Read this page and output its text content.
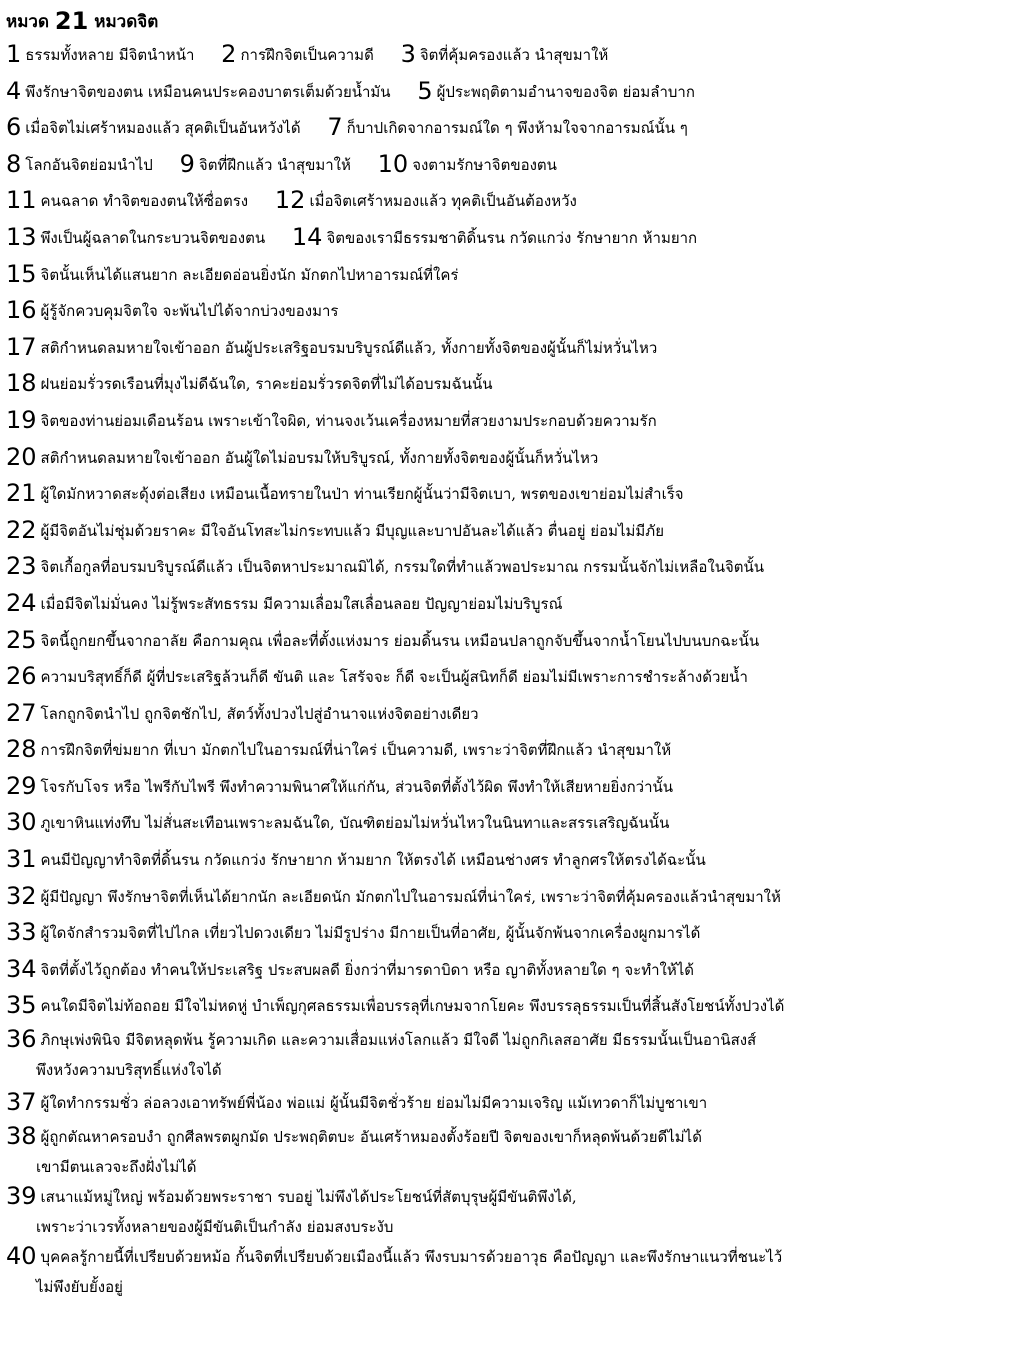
หมวด 21 หมวดจิต
1 ธรรมทั้งหลาย มีจิตนำหน้า 2 การฝึกจิตเป็นความดี 3 จิตที่คุ้มครองแล้ว นำสุขมาให้
4 พึงรักษาจิตของตน เหมือนคนประคองบาตรเต็มด้วยน้ำมัน 5 ผู้ประพฤติตามอำนาจของจิต ย่อมลำบาก
6 เมื่อจิตไม่เศร้าหมองแล้ว สุคติเป็นอันหวังได้ 7 ก็บาปเกิดจากอารมณ์ใด ๆ พึงห้ามใจจากอารมณ์นั้น ๆ
8 โลกอันจิตย่อมนำไป 9 จิตที่ฝึกแล้ว นำสุขมาให้ 10 จงตามรักษาจิตของตน
11 คนฉลาด ทำจิตของตนให้ซื่อตรง 12 เมื่อจิตเศร้าหมองแล้ว ทุคติเป็นอันต้องหวัง
13 พึงเป็นผู้ฉลาดในกระบวนจิตของตน 14 จิตของเรามีธรรมชาติดิ้นรน กวัดแกว่ง รักษายาก ห้ามยาก
15 จิตนั้นเห็นได้แสนยาก ละเอียดอ่อนยิ่งนัก มักตกไปหาอารมณ์ที่ใคร่
16 ผู้รู้จักควบคุมจิตใจ จะพ้นไปได้จากบ่วงของมาร
17 สติกำหนดลมหายใจเข้าออก อันผู้ประเสริฐอบรมบริบูรณ์ดีแล้ว, ทั้งกายทั้งจิตของผู้นั้นก็ไม่หวั่นไหว
18 ฝนย่อมรั่วรดเรือนที่มุงไม่ดีฉันใด, ราคะย่อมรั่วรดจิตที่ไม่ได้อบรมฉันนั้น
19 จิตของท่านย่อมเดือนร้อน เพราะเข้าใจผิด, ท่านจงเว้นเครื่องหมายที่สวยงามประกอบด้วยความรัก
20 สติกำหนดลมหายใจเข้าออก อันผู้ใดไม่อบรมให้บริบูรณ์, ทั้งกายทั้งจิตของผู้นั้นก็หวั่นไหว
21 ผู้ใดมักหวาดสะดุ้งต่อเสียง เหมือนเนื้อทรายในป่า ท่านเรียกผู้นั้นว่ามีจิตเบา, พรตของเขาย่อมไม่สำเร็จ
22 ผู้มีจิตอันไม่ชุ่มด้วยราคะ มีใจอันโทสะไม่กระทบแล้ว มีบุญและบาปอันละได้แล้ว ตื่นอยู่ ย่อมไม่มีภัย
23 จิตเกื้อกูลที่อบรมบริบูรณ์ดีแล้ว เป็นจิตหาประมาณมิได้, กรรมใดที่ทำแล้วพอประมาณ กรรมนั้นจักไม่เหลือในจิตนั้น
24 เมื่อมีจิตไม่มั่นคง ไม่รู้พระสัทธรรม มีความเลื่อมใสเลื่อนลอย ปัญญาย่อมไม่บริบูรณ์
25 จิตนี้ถูกยกขึ้นจากอาลัย คือกามคุณ เพื่อละที่ตั้งแห่งมาร ย่อมดิ้นรน เหมือนปลาถูกจับขึ้นจากน้ำโยนไปบนบกฉะนั้น
26 ความบริสุทธิ์ก็ดี ผู้ที่ประเสริฐล้วนก็ดี ขันติ และ โสรัจจะ ก็ดี จะเป็นผู้สนิทก็ดี ย่อมไม่มีเพราะการชำระล้างด้วยน้ำ
27 โลกถูกจิตนำไป ถูกจิตชักไป, สัตว์ทั้งปวงไปสู่อำนาจแห่งจิตอย่างเดียว
28 การฝึกจิตที่ข่มยาก ที่เบา มักตกไปในอารมณ์ที่น่าใคร่ เป็นความดี, เพราะว่าจิตที่ฝึกแล้ว นำสุขมาให้
29 โจรกับโจร หรือ ไพรีกับไพรี พึงทำความพินาศให้แก่กัน, ส่วนจิตที่ตั้งไว้ผิด พึงทำให้เสียหายยิ่งกว่านั้น
30 ภูเขาหินแท่งทึบ ไม่สั่นสะเทือนเพราะลมฉันใด, บัณฑิตย่อมไม่หวั่นไหวในนินทาและสรรเสริญฉันนั้น
31 คนมีปัญญาทำจิตที่ดิ้นรน กวัดแกว่ง รักษายาก ห้ามยาก ให้ตรงได้ เหมือนช่างศร ทำลูกศรให้ตรงได้ฉะนั้น
32 ผู้มีปัญญา พึงรักษาจิตที่เห็นได้ยากนัก ละเอียดนัก มักตกไปในอารมณ์ที่น่าใคร่, เพราะว่าจิตที่คุ้มครองแล้วนำสุขมาให้
33 ผู้ใดจักสำรวมจิตที่ไปไกล เที่ยวไปดวงเดียว ไม่มีรูปร่าง มีกายเป็นที่อาศัย, ผู้นั้นจักพ้นจากเครื่องผูกมารได้
34 จิตที่ตั้งไว้ถูกต้อง ทำคนให้ประเสริฐ ประสบผลดี ยิ่งกว่าที่มารดาบิดา หรือ ญาติทั้งหลายใด ๆ จะทำให้ได้
35 คนใดมีจิตไม่ท้อถอย มีใจไม่หดหู่ บำเพ็ญกุศลธรรมเพื่อบรรลุที่เกษมจากโยคะ พึงบรรลุธรรมเป็นที่สิ้นสังโยชน์ทั้งปวงได้
36 ภิกษุเพ่งพินิจ มีจิตหลุดพ้น รู้ความเกิด และความเสื่อมแห่งโลกแล้ว มีใจดี ไม่ถูกกิเลสอาศัย มีธรรมนั้นเป็นอานิสงส์
พึงหวังความบริสุทธิ์แห่งใจได้
37 ผู้ใดทำกรรมชั่ว ล่อลวงเอาทรัพย์พี่น้อง พ่อแม่ ผู้นั้นมีจิตชั่วร้าย ย่อมไม่มีความเจริญ แม้เทวดาก็ไม่บูชาเขา
38 ผู้ถูกตัณหาครอบงำ ถูกศีลพรตผูกมัด ประพฤติตบะ อันเศร้าหมองตั้งร้อยปี จิตของเขาก็หลุดพ้นด้วยดีไม่ได้
เขามีตนเลวจะถึงฝั่งไม่ได้
39 เสนาแม้หมู่ใหญ่ พร้อมด้วยพระราชา รบอยู่ ไม่พึงได้ประโยชน์ที่สัตบุรุษผู้มีขันติพึงได้,
เพราะว่าเวรทั้งหลายของผู้มีขันติเป็นกำลัง ย่อมสงบระงับ
40 บุคคลรู้กายนี้ที่เปรียบด้วยหม้อ กั้นจิตที่เปรียบด้วยเมืองนี้แล้ว พึงรบมารด้วยอาวุธ คือปัญญา และพึงรักษาแนวที่ชนะไว้
ไม่พึงยับยั้งอยู่
